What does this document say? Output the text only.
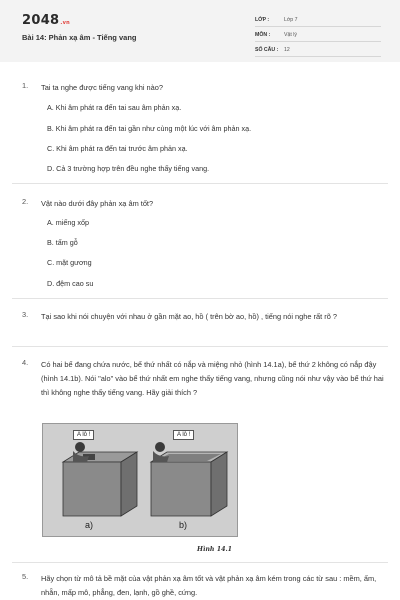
2048.vn
Bài 14: Phản xạ âm - Tiếng vang
LỚP :	Lớp 7
MÔN :	Vật lý
SỐ CÂU : 12
1. Tai ta nghe được tiếng vang khi nào?
A. Khi âm phát ra đến tai sau âm phản xạ.
B. Khi âm phát ra đến tai gần như cùng một lúc với âm phản xạ.
C. Khi âm phát ra đến tai trước âm phản xạ.
D. Cả 3 trường hợp trên đều nghe thấy tiếng vang.
2. Vật nào dưới đây phản xạ âm tốt?
A. miếng xốp
B. tấm gỗ
C. mặt gương
D. đệm cao su
3. Tại sao khi nói chuyện với nhau ở gần mặt ao, hồ ( trên bờ ao, hồ) , tiếng nói nghe rất rõ ?
4. Có hai bể đang chứa nước, bể thứ nhất có nắp và miệng nhỏ (hình 14.1a), bể thứ 2 không có nắp đậy (hình 14.1b). Nói "alo" vào bể thứ nhất em nghe thấy tiếng vang, nhưng cũng nói như vậy vào bể thứ hai thì không nghe thấy tiếng vang. Hãy giải thích ?
A lô !	A lô !
a)	b)
Hình 14.1
5. Hãy chọn từ mô tả bề mặt của vật phản xạ âm tốt và vật phản xạ âm kém trong các từ sau : mềm, ấm, nhẵn, mấp mô, phẳng, đen, lạnh, gồ ghề, cứng.
